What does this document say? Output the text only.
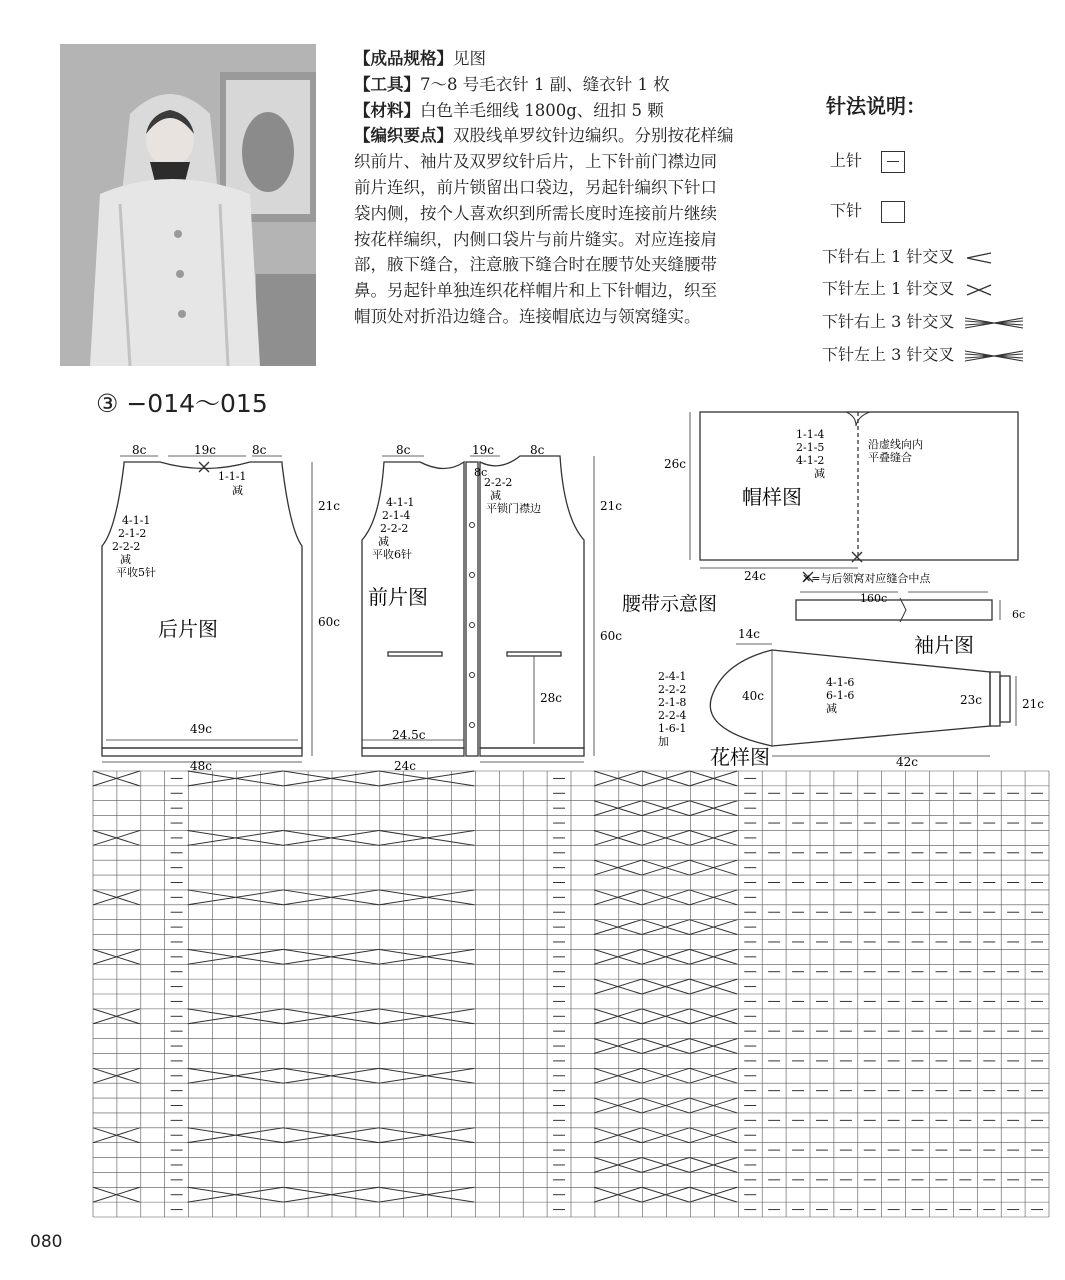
【成品规格】见图

【工具】7～8 号毛衣针 1 副、缝衣针 1 枚

【材料】白色羊毛细线 1800g、纽扣 5 颗

【编织要点】双股线单罗纹针边编织。分别按花样编

织前片、袖片及双罗纹针后片，上下针前门襟边同

前片连织，前片锁留出口袋边，另起针编织下针口

袋内侧，按个人喜欢织到所需长度时连接前片继续

按花样编织，内侧口袋片与前片缝实。对应连接肩

部，腋下缝合，注意腋下缝合时在腰节处夹缝腰带

鼻。另起针单独连织花样帽片和上下针帽边，织至

帽顶处对折沿边缝合。连接帽底边与领窝缝实。

针法说明：
上针
下针
下针右上 1 针交叉
下针左上 1 针交叉
下针右上 3 针交叉
下针左上 3 针交叉
③ −014～015
8c	19c	8c
21c
60c
49c
48c
1-1-1
减
4-1-1
2-1-2
2-2-2
减
平收5针
后片图
8c	19c	8c
8c
21c
60c
28c
24.5c
24c
2-2-2
减
平锁门襟边
4-1-1
2-1-4
2-2-2
减
平收6针
前片图
26c
24c
1-1-4
2-1-5
4-1-2
减
沿虚线向内
平叠缝合
帽样图
✕=与后领窝对应缝合中点
腰带示意图	160c
6c
袖片图
14c
40c
42c
23c	21c
2-4-1
2-2-2
2-1-8
2-2-4
1-6-1
加
4-1-6
6-1-6
减
花样图
080
